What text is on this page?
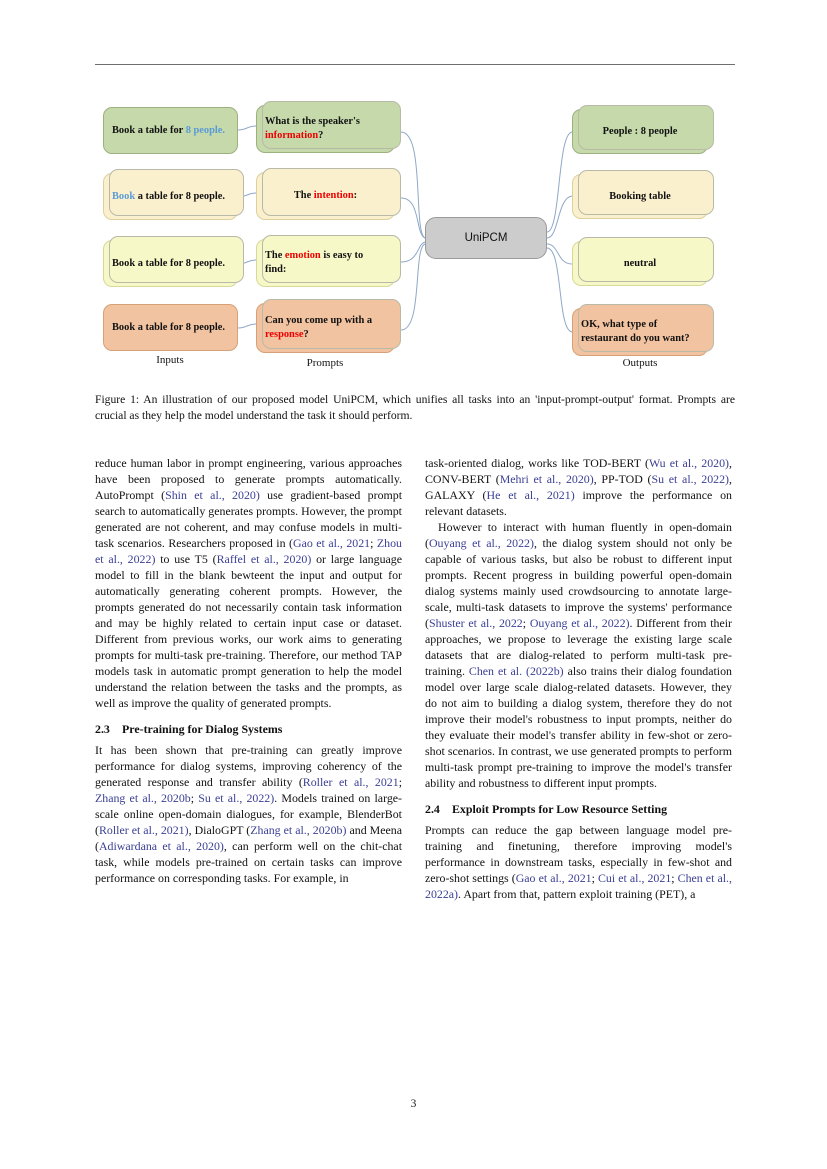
Book a table for 8 people.
Book a table for 8 people.
Book a table for 8 people.
Book a table for 8 people.
What is the speaker's information?
The intention:
The emotion is easy to find:
Can you come up with a response?
UniPCM
People : 8 people
Booking table
neutral
OK, what type of restaurant do you want?
Inputs	Prompts	Outputs
Figure 1: An illustration of our proposed model UniPCM, which unifies all tasks into an 'input-prompt-output' format. Prompts are crucial as they help the model understand the task it should perform.

reduce human labor in prompt engineering, various approaches have been proposed to generate prompts automatically. AutoPrompt (Shin et al., 2020) use gradient-based prompt search to automatically generates prompts. However, the prompt generated are not coherent, and may confuse models in multi-task scenarios. Researchers proposed in (Gao et al., 2021; Zhou et al., 2022) to use T5 (Raffel et al., 2020) or large language model to fill in the blank bewteent the input and output for automatically generating coherent prompts. However, the prompts generated do not necessarily contain task information and may be highly related to certain input case or dataset. Different from previous works, our work aims to generating prompts for multi-task pre-training. Therefore, our method TAP models task in automatic prompt generation to help the model understand the relation between the tasks and the prompts, as well as improve the quality of generated prompts.

2.3 Pre-training for Dialog Systems

It has been shown that pre-training can greatly improve performance for dialog systems, improving coherency of the generated response and transfer ability (Roller et al., 2021; Zhang et al., 2020b; Su et al., 2022). Models trained on large-scale online open-domain dialogues, for example, BlenderBot (Roller et al., 2021), DialoGPT (Zhang et al., 2020b) and Meena (Adiwardana et al., 2020), can perform well on the chit-chat task, while models pre-trained on certain tasks can improve performance on corresponding tasks. For example, in

task-oriented dialog, works like TOD-BERT (Wu et al., 2020), CONV-BERT (Mehri et al., 2020), PP-TOD (Su et al., 2022), GALAXY (He et al., 2021) improve the performance on relevant datasets.

However to interact with human fluently in open-domain (Ouyang et al., 2022), the dialog system should not only be capable of various tasks, but also be robust to different input prompts. Recent progress in building powerful open-domain dialog systems mainly used crowdsourcing to annotate large-scale, multi-task datasets to improve the systems' performance (Shuster et al., 2022; Ouyang et al., 2022). Different from their approaches, we propose to leverage the existing large scale datasets that are dialog-related to perform multi-task pre-training. Chen et al. (2022b) also trains their dialog foundation model over large scale dialog-related datasets. However, they do not aim to building a dialog system, therefore they do not improve their model's robustness to input prompts, neither do they evaluate their model's transfer ability in few-shot or zero-shot scenarios. In contrast, we use generated prompts to perform multi-task prompt pre-training to improve the model's transfer ability and robustness to different input prompts.

2.4 Exploit Prompts for Low Resource Setting

Prompts can reduce the gap between language model pre-training and finetuning, therefore improving model's performance in downstream tasks, especially in few-shot and zero-shot settings (Gao et al., 2021; Cui et al., 2021; Chen et al., 2022a). Apart from that, pattern exploit training (PET), a

3
